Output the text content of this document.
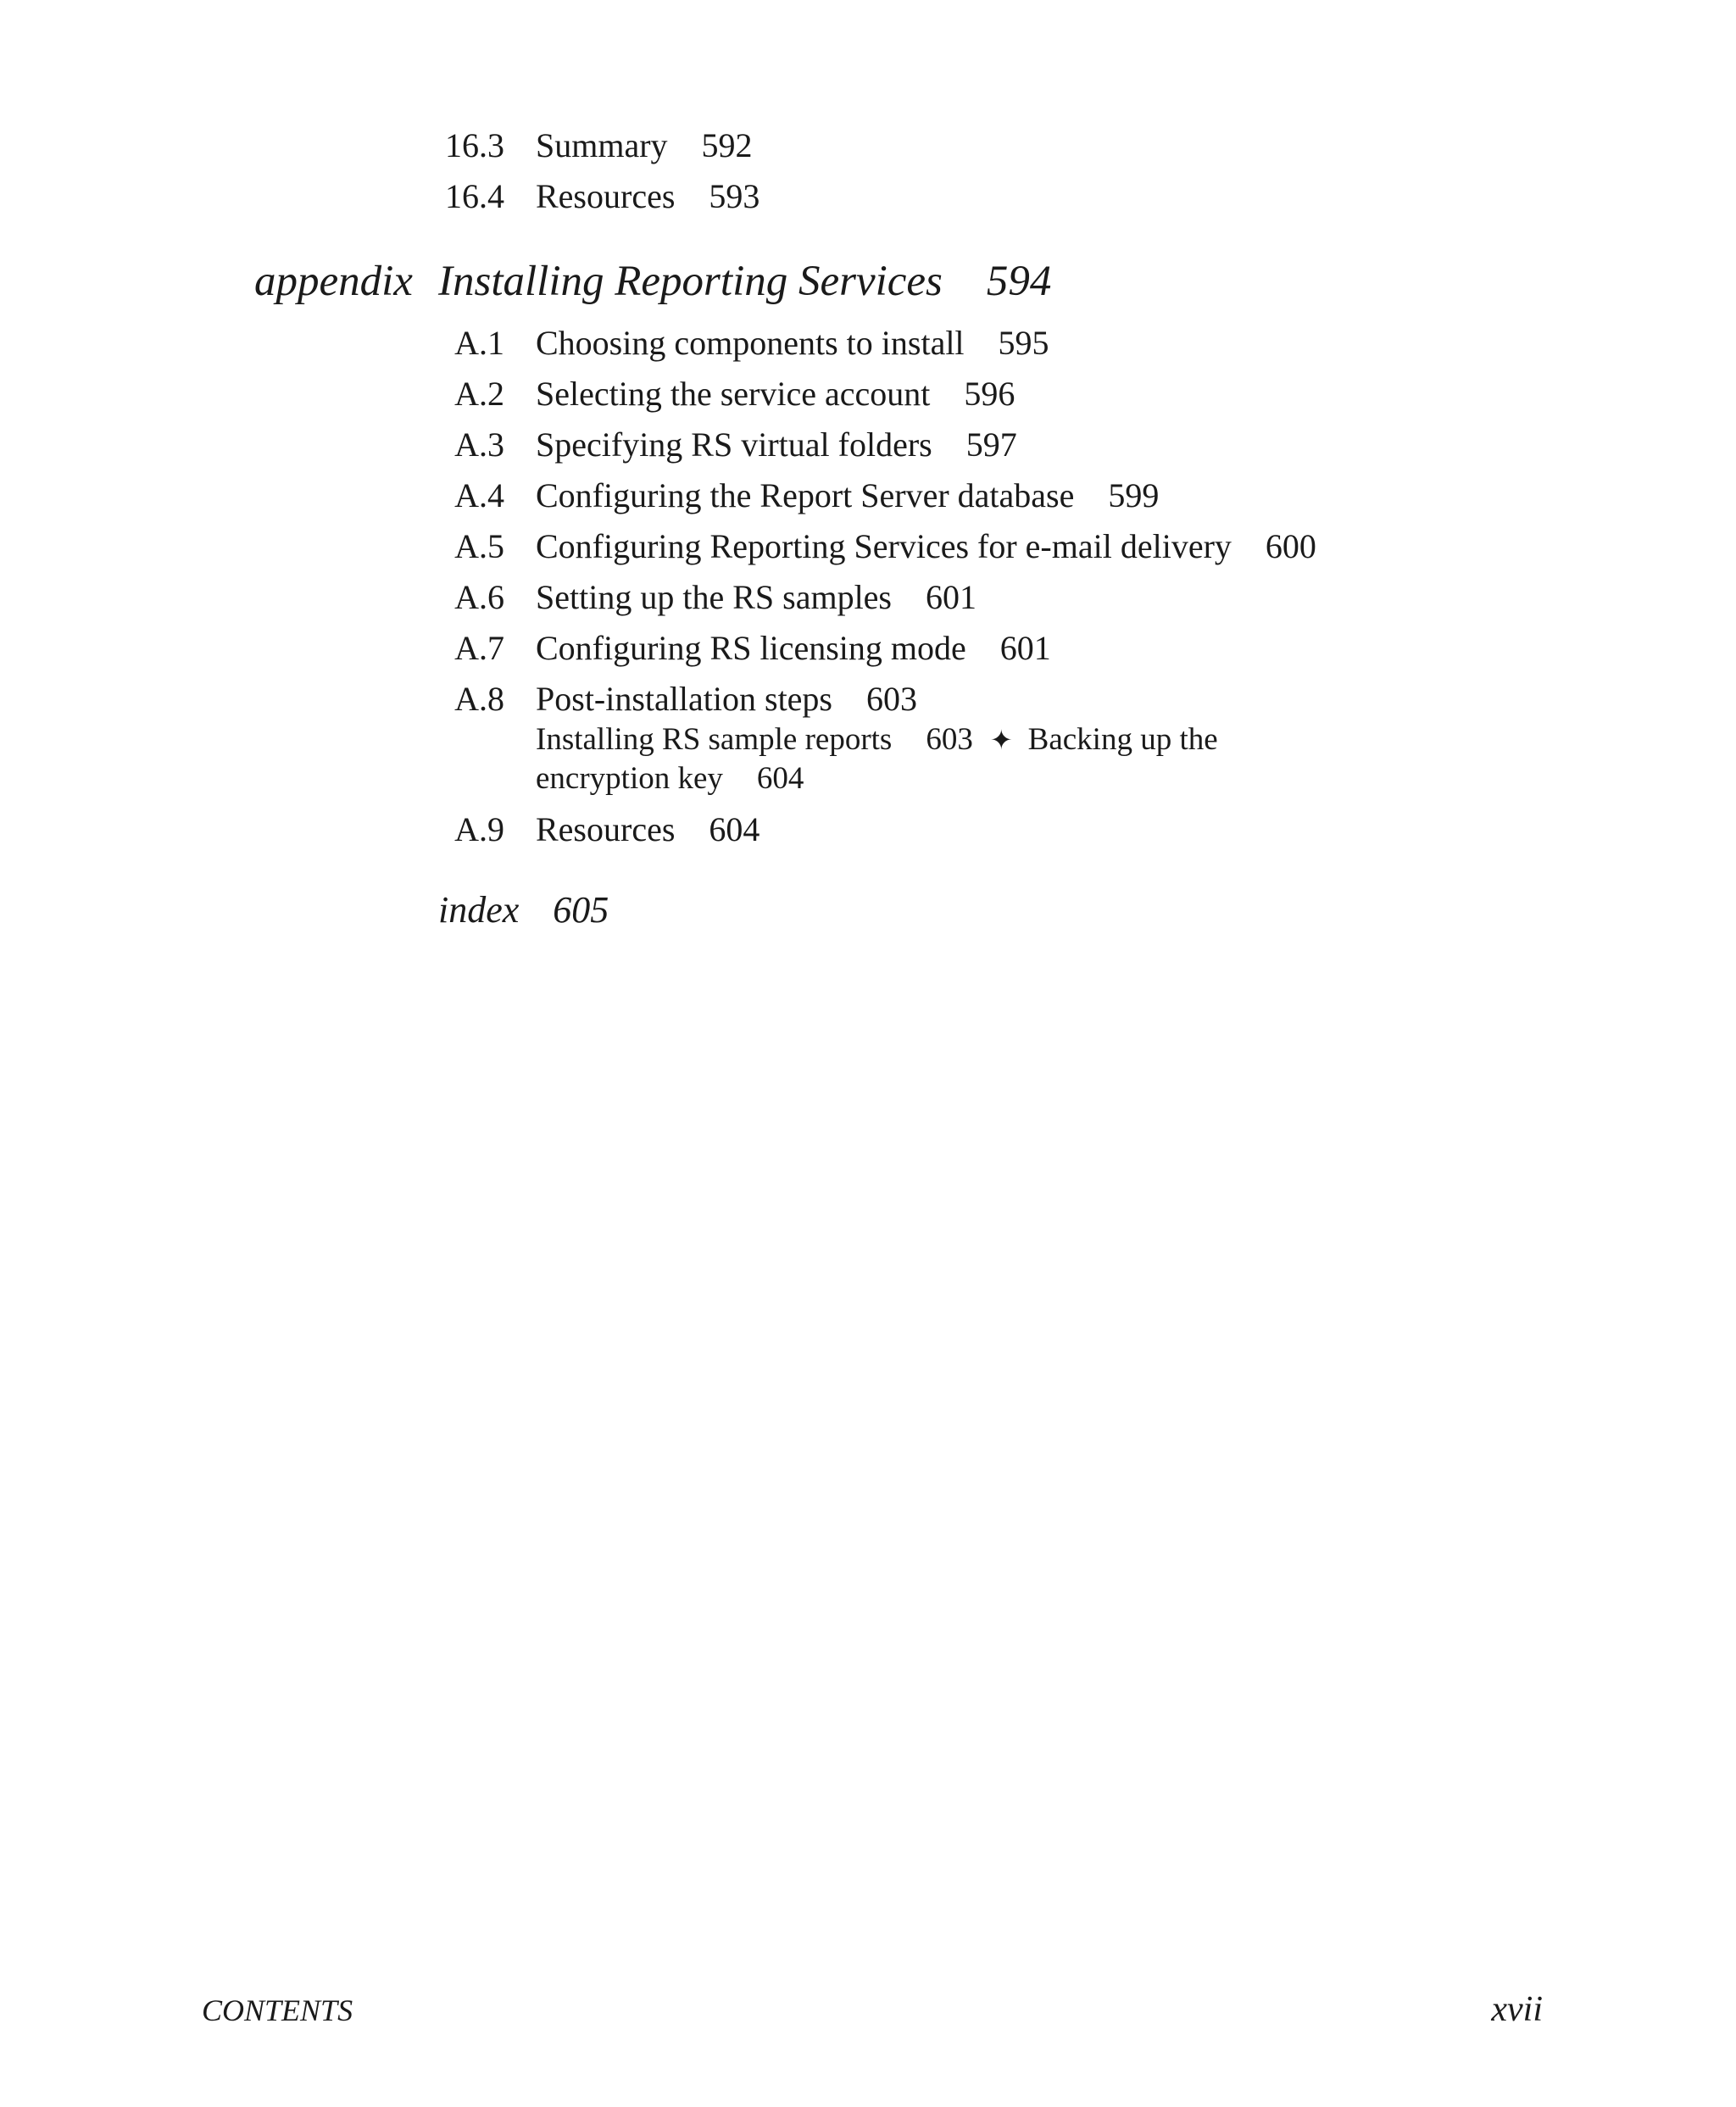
16.3 Summary 592
16.4 Resources 593
appendix Installing Reporting Services 594
A.1 Choosing components to install 595
A.2 Selecting the service account 596
A.3 Specifying RS virtual folders 597
A.4 Configuring the Report Server database 599
A.5 Configuring Reporting Services for e-mail delivery 600
A.6 Setting up the RS samples 601
A.7 Configuring RS licensing mode 601
A.8 Post-installation steps 603
Installing RS sample reports 603 ✦ Backing up the
encryption key 604
A.9 Resources 604
index 605
CONTENTS	xvii
